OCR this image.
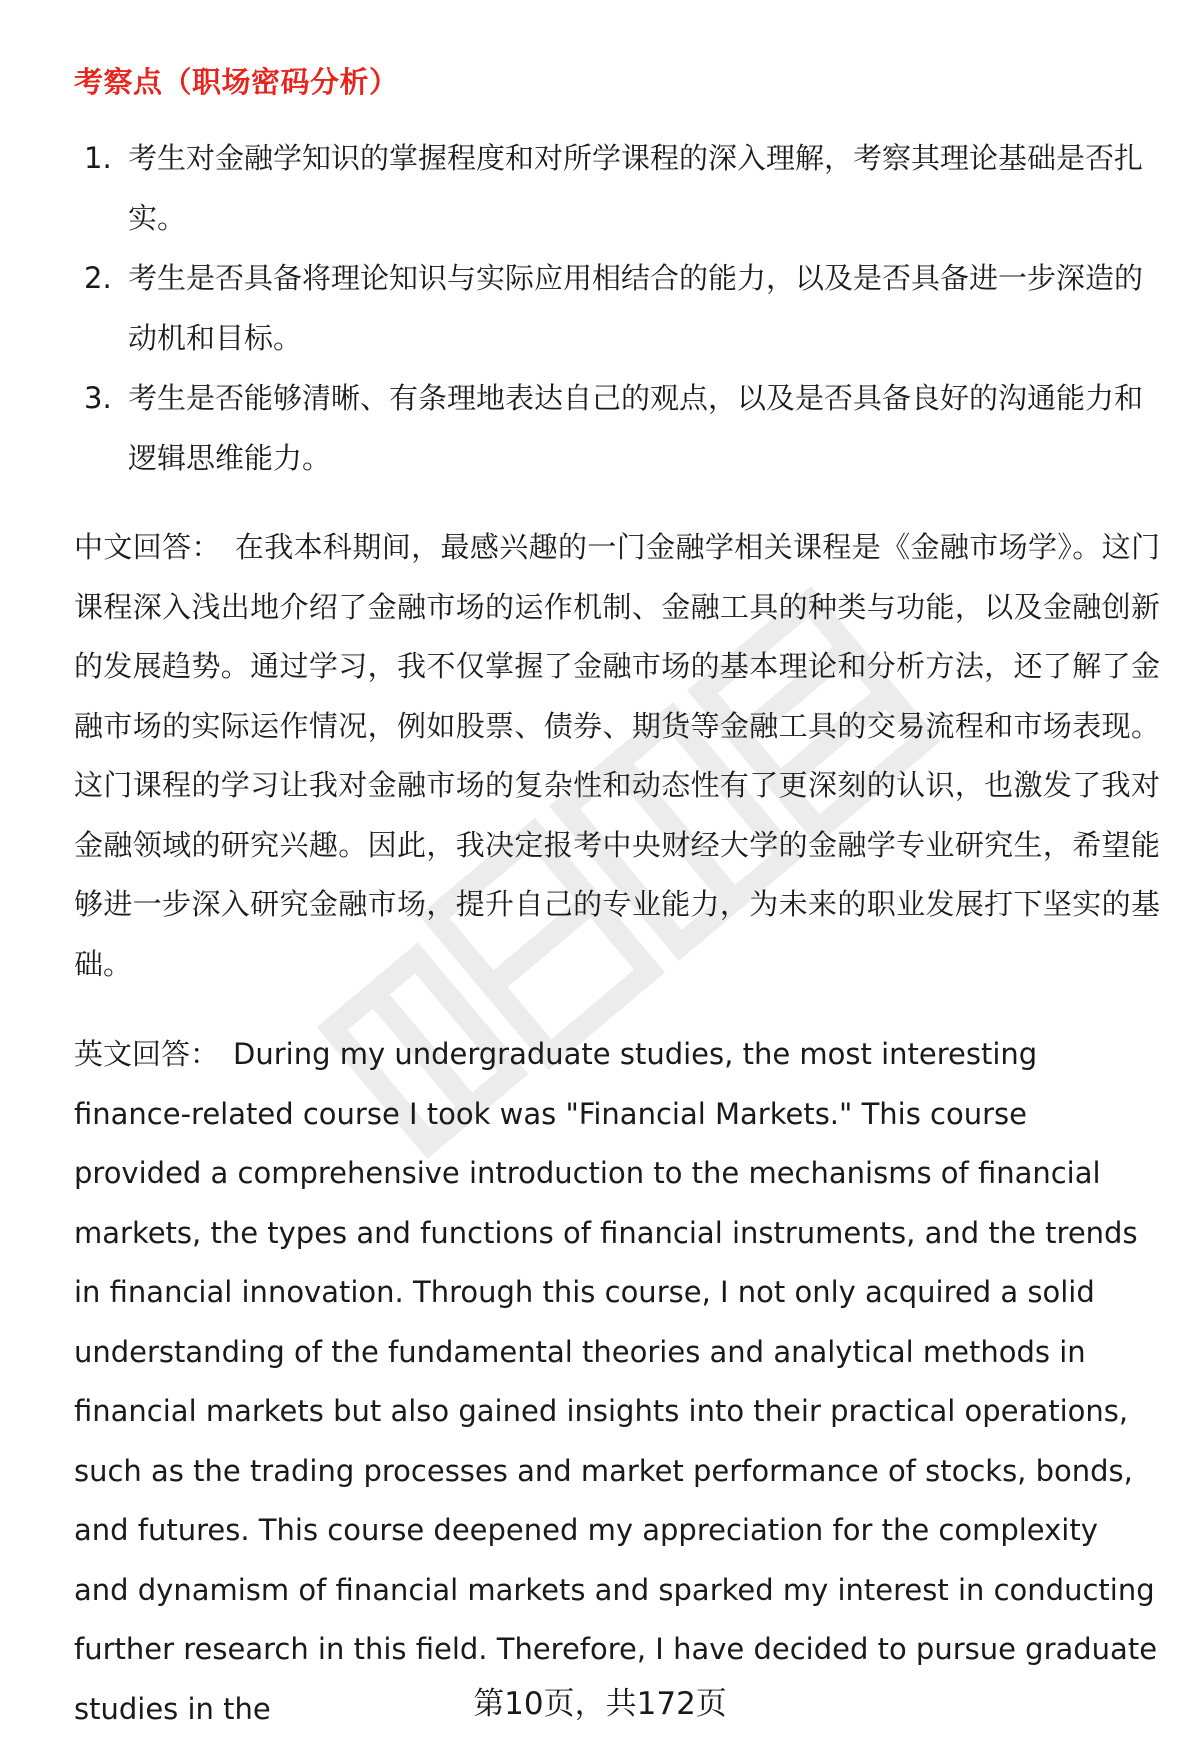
考察点（职场密码分析）
1. 考生对金融学知识的掌握程度和对所学课程的深入理解，考察其理论基础是否扎实。
2. 考生是否具备将理论知识与实际应用相结合的能力，以及是否具备进一步深造的动机和目标。
3. 考生是否能够清晰、有条理地表达自己的观点，以及是否具备良好的沟通能力和逻辑思维能力。

中文回答： 在我本科期间，最感兴趣的一门金融学相关课程是《金融市场学》。这门课程深入浅出地介绍了金融市场的运作机制、金融工具的种类与功能，以及金融创新的发展趋势。通过学习，我不仅掌握了金融市场的基本理论和分析方法，还了解了金融市场的实际运作情况，例如股票、债券、期货等金融工具的交易流程和市场表现。这门课程的学习让我对金融市场的复杂性和动态性有了更深刻的认识，也激发了我对金融领域的研究兴趣。因此，我决定报考中央财经大学的金融学专业研究生，希望能够进一步深入研究金融市场，提升自己的专业能力，为未来的职业发展打下坚实的基础。

英文回答： During my undergraduate studies, the most interesting finance-related course I took was "Financial Markets." This course provided a comprehensive introduction to the mechanisms of financial markets, the types and functions of financial instruments, and the trends in financial innovation. Through this course, I not only acquired a solid understanding of the fundamental theories and analytical methods in financial markets but also gained insights into their practical operations, such as the trading processes and market performance of stocks, bonds, and futures. This course deepened my appreciation for the complexity and dynamism of financial markets and sparked my interest in conducting further research in this field. Therefore, I have decided to pursue graduate studies in the	第10页，共172页
